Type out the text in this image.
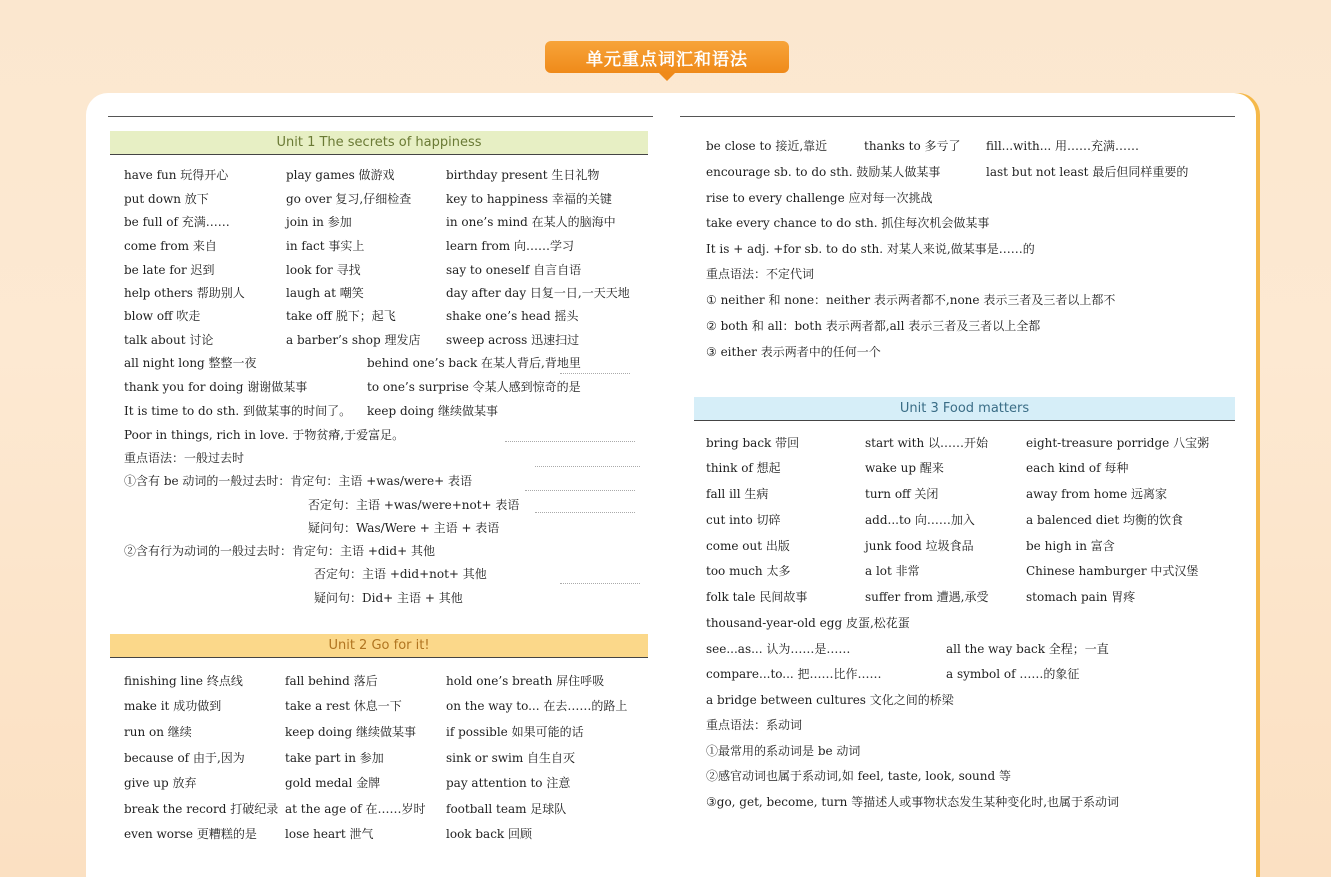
单元重点词汇和语法
Unit 1 The secrets of happiness
have fun 玩得开心	play games 做游戏	birthday present 生日礼物
put down 放下	go over 复习,仔细检查	key to happiness 幸福的关键
be full of 充满……	join in 参加	in one’s mind 在某人的脑海中
come from 来自	in fact 事实上	learn from 向……学习
be late for 迟到	look for 寻找	say to oneself 自言自语
help others 帮助别人	laugh at 嘲笑	day after day 日复一日,一天天地
blow off 吹走	take off 脱下；起飞	shake one’s head 摇头
talk about 讨论	a barber’s shop 理发店 sweep across 迅速扫过
all night long 整整一夜	behind one’s back 在某人背后,背地里
thank you for doing 谢谢做某事	to one’s surprise 令某人感到惊奇的是
It is time to do sth. 到做某事的时间了。 keep doing 继续做某事
Poor in things, rich in love. 于物贫瘠,于爱富足。
重点语法：一般过去时
①含有 be 动词的一般过去时：肯定句：主语 +was/were+ 表语
否定句：主语 +was/were+not+ 表语
疑问句：Was/Were + 主语 + 表语
②含有行为动词的一般过去时：肯定句：主语 +did+ 其他
否定句：主语 +did+not+ 其他
疑问句：Did+ 主语 + 其他
Unit 2 Go for it!
finishing line 终点线	fall behind 落后	hold one’s breath 屏住呼吸
make it 成功做到	take a rest 休息一下	on the way to... 在去……的路上
run on 继续	keep doing 继续做某事	if possible 如果可能的话
because of 由于,因为	take part in 参加	sink or swim 自生自灭
give up 放弃	gold medal 金牌	pay attention to 注意
break the record 打破纪录 at the age of 在……岁时 football team 足球队
even worse 更糟糕的是 lose heart 泄气	look back 回顾
be close to 接近,靠近	thanks to 多亏了 fill...with... 用……充满……
encourage sb. to do sth. 鼓励某人做某事	last but not least 最后但同样重要的
rise to every challenge 应对每一次挑战
take every chance to do sth. 抓住每次机会做某事
It is + adj. +for sb. to do sth. 对某人来说,做某事是……的
重点语法：不定代词
① neither 和 none：neither 表示两者都不,none 表示三者及三者以上都不
② both 和 all：both 表示两者都,all 表示三者及三者以上全都
③ either 表示两者中的任何一个
Unit 3 Food matters
bring back 带回	start with 以……开始	eight-treasure porridge 八宝粥
think of 想起	wake up 醒来	each kind of 每种
fall ill 生病	turn off 关闭	away from home 远离家
cut into 切碎	add...to 向……加入	a balenced diet 均衡的饮食
come out 出版	junk food 垃圾食品	be high in 富含
too much 太多	a lot 非常	Chinese hamburger 中式汉堡
folk tale 民间故事	suffer from 遭遇,承受	stomach pain 胃疼
thousand-year-old egg 皮蛋,松花蛋
see...as... 认为……是……	all the way back 全程；一直
compare...to... 把……比作……	a symbol of ……的象征
a bridge between cultures 文化之间的桥梁
重点语法：系动词
①最常用的系动词是 be 动词
②感官动词也属于系动词,如 feel, taste, look, sound 等
③go, get, become, turn 等描述人或事物状态发生某种变化时,也属于系动词
